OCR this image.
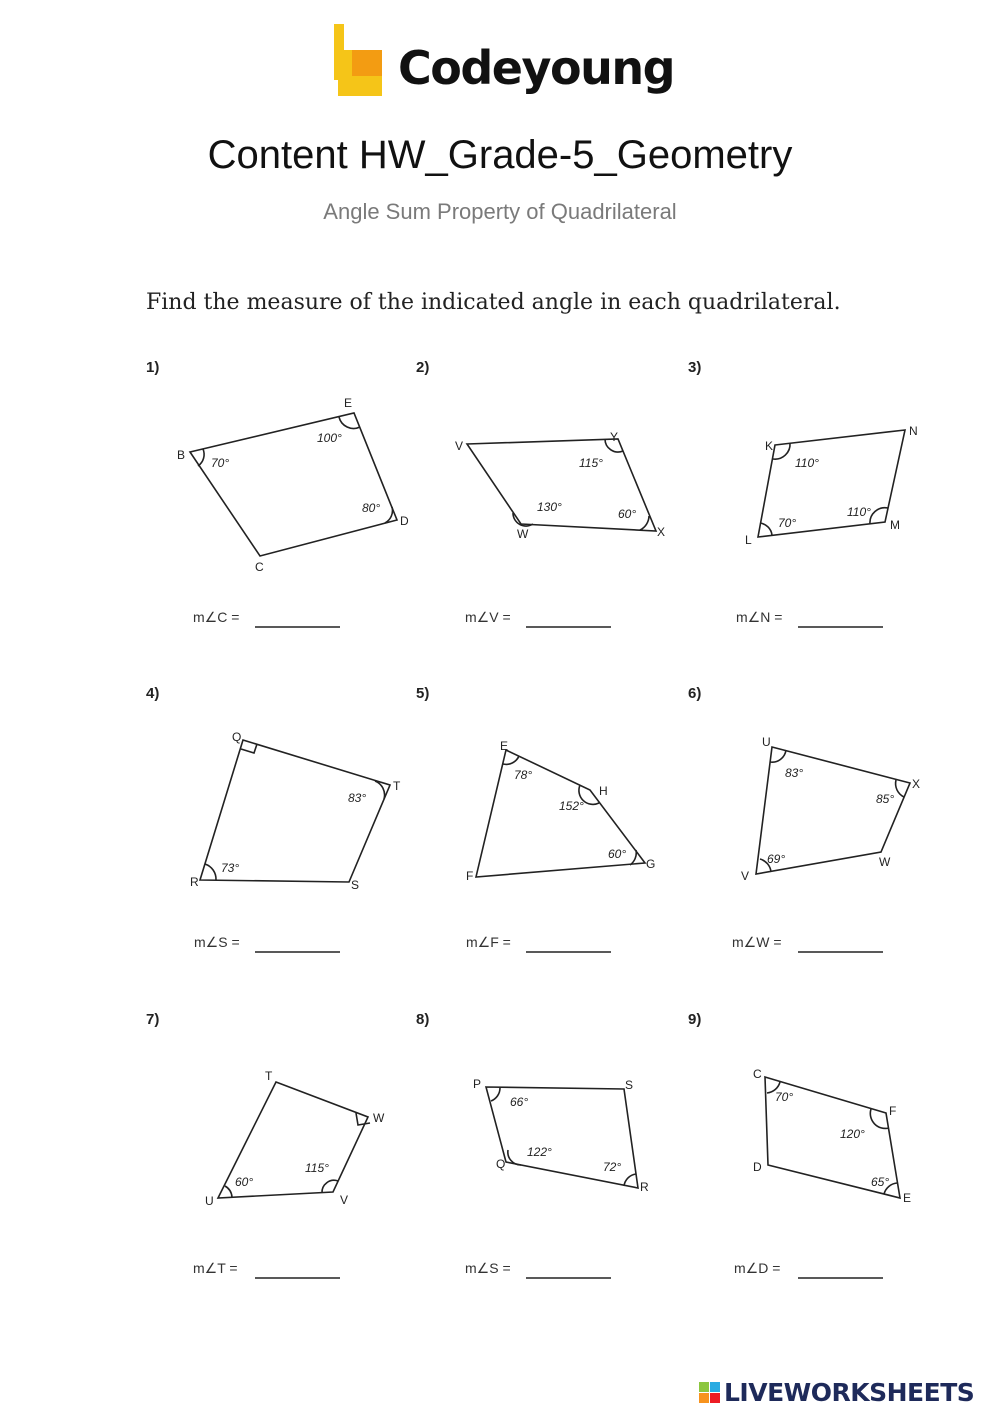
Codeyoung
Content HW_Grade-5_Geometry
Angle Sum Property of Quadrilateral
Find the measure of the indicated angle in each quadrilateral.
1)	2)	3)
4)	5)	6)
7)	8)	9)
B
E
D
C
V
Y
X
W
K
N
M
L
Q
T
S
R
E
H
G
F
U
X
W
V
T
W
V
U
P	S
R
Q
C
F
E
D
70°
100°
80°
115°
60°
130°
110°
110°
70°
83°
73°
78°
152°
60°
83°
85°
69°
115°
60°
66°
72°
122°
70°
120°
65°
m∠C =	m∠V =	m∠N =
m∠S =	m∠F =	m∠W =
m∠T =	m∠S =	m∠D =
LIVEWORKSHEETS
